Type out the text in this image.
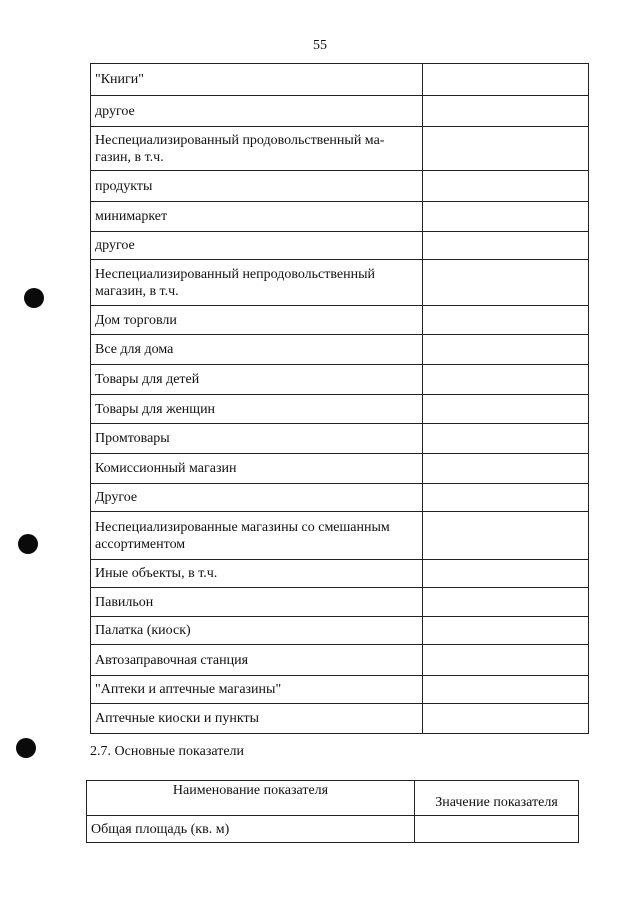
55
"Книги"	
другое	
Неспециализированный продовольственный ма-
газин, в т.ч.	
продукты	
минимаркет	
другое	
Неспециализированный непродовольственный
магазин, в т.ч.	
Дом торговли	
Все для дома	
Товары для детей	
Товары для женщин	
Промтовары	
Комиссионный магазин	
Другое	
Неспециализированные магазины со смешанным
ассортиментом	
Иные объекты, в т.ч.	
Павильон	
Палатка (киоск)	
Автозаправочная станция	
"Аптеки и аптечные магазины"	
Аптечные киоски и пункты	
2.7. Основные показатели
Наименование показателя	Значение показателя
Общая площадь (кв. м)	
